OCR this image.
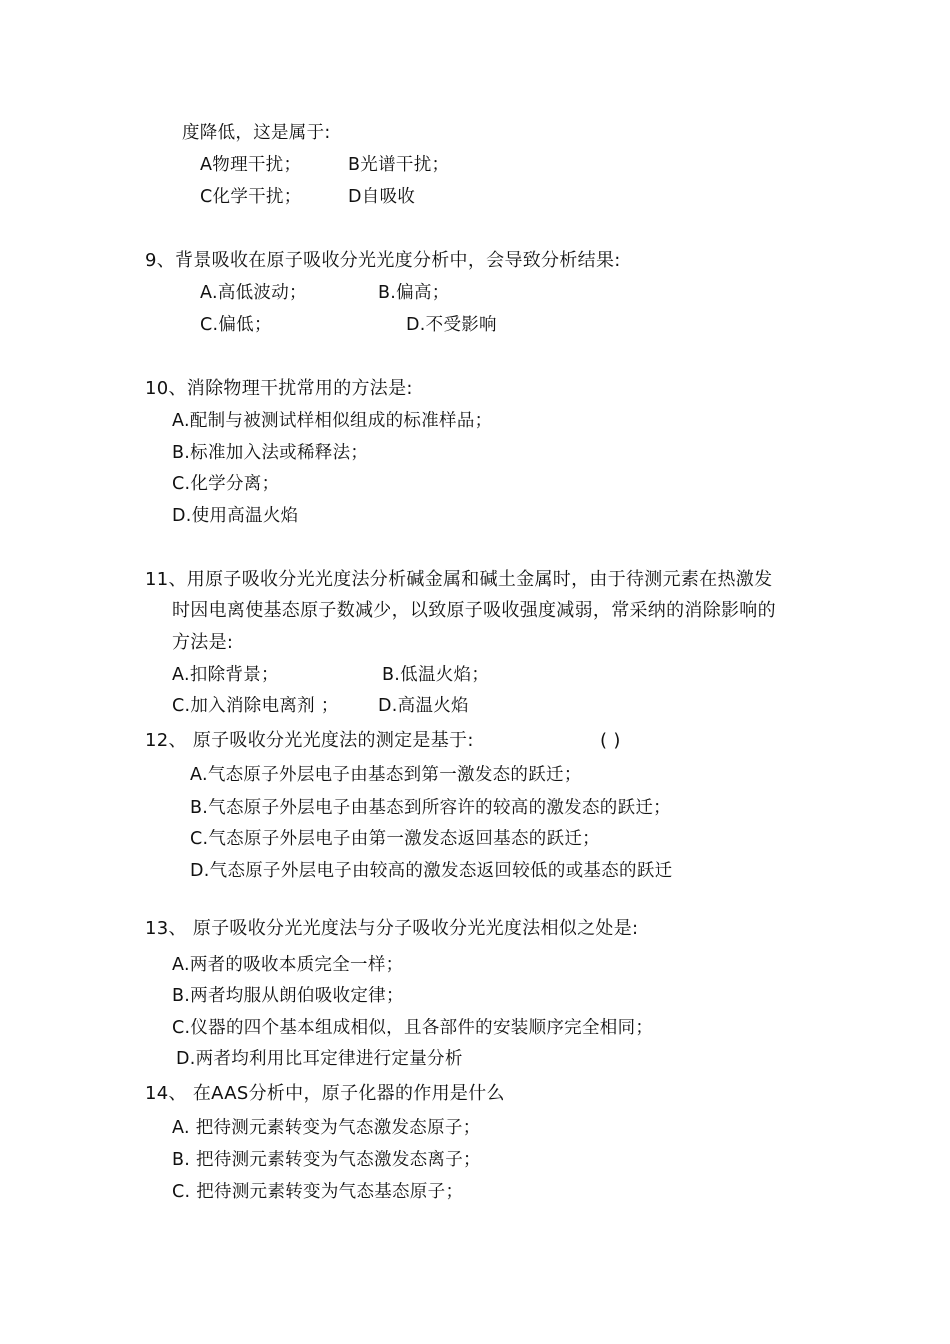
度降低，这是属于:
A物理干扰；	B光谱干扰；
C化学干扰；	D自吸收
9、背景吸收在原子吸收分光光度分析中，会导致分析结果:
A.高低波动；	B.偏高；
C.偏低；	D.不受影响
10、消除物理干扰常用的方法是:
A.配制与被测试样相似组成的标准样品；
B.标准加入法或稀释法；
C.化学分离；
D.使用高温火焰
11、用原子吸收分光光度法分析碱金属和碱土金属时，由于待测元素在热激发
时因电离使基态原子数减少，以致原子吸收强度减弱，常采纳的消除影响的
方法是:
A.扣除背景；	B.低温火焰；
C.加入消除电离剂 ； D.高温火焰
12、 原子吸收分光光度法的测定是基于:	( )
A.气态原子外层电子由基态到第一激发态的跃迁；
B.气态原子外层电子由基态到所容许的较高的激发态的跃迁；
C.气态原子外层电子由第一激发态返回基态的跃迁；
D.气态原子外层电子由较高的激发态返回较低的或基态的跃迁
13、 原子吸收分光光度法与分子吸收分光光度法相似之处是:
A.两者的吸收本质完全一样；
B.两者均服从朗伯吸收定律；
C.仪器的四个基本组成相似，且各部件的安装顺序完全相同；
D.两者均利用比耳定律进行定量分析
14、 在AAS分析中，原子化器的作用是什么
A. 把待测元素转变为气态激发态原子；
B. 把待测元素转变为气态激发态离子；
C. 把待测元素转变为气态基态原子；
